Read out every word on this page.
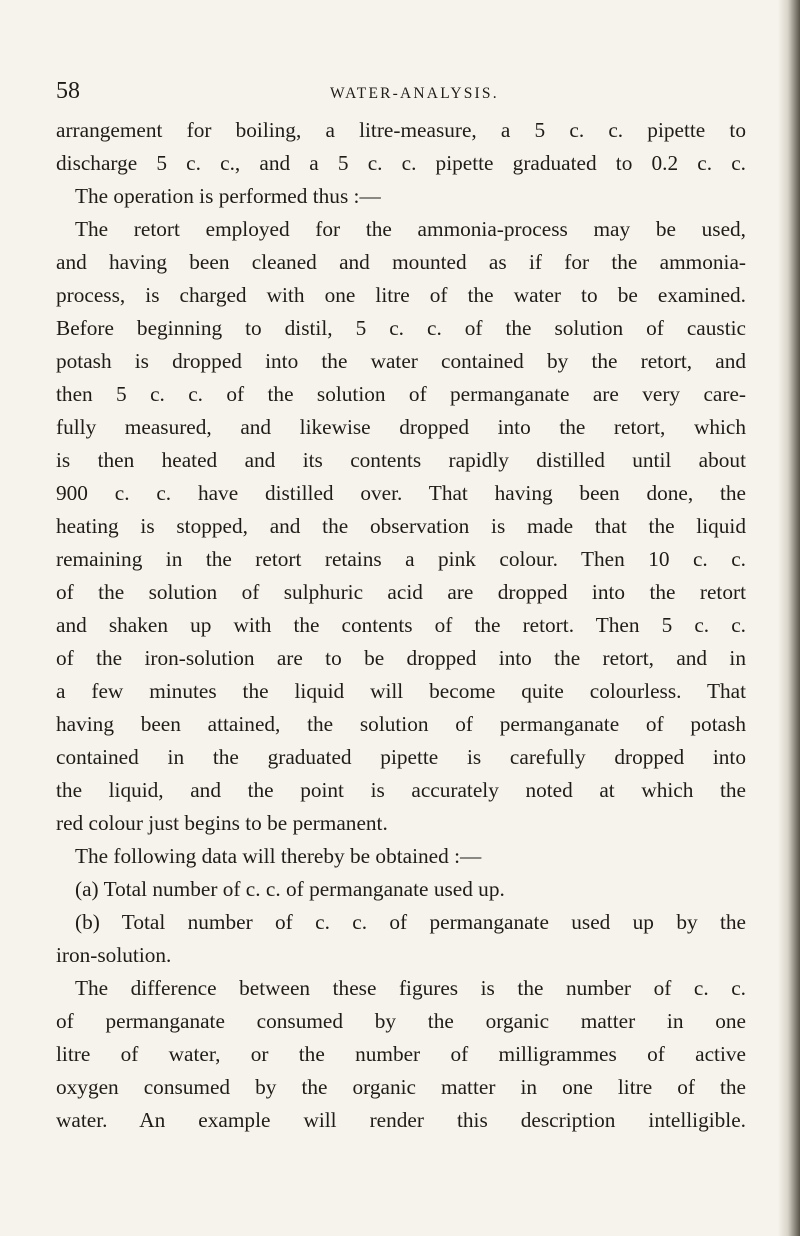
58	WATER-ANALYSIS.
arrangement for boiling, a litre-measure, a 5 c. c. pipette to
discharge 5 c. c., and a 5 c. c. pipette graduated to 0.2 c. c.
The operation is performed thus :—
The retort employed for the ammonia-process may be used,
and having been cleaned and mounted as if for the ammonia-
process, is charged with one litre of the water to be examined.
Before beginning to distil, 5 c. c. of the solution of caustic
potash is dropped into the water contained by the retort, and
then 5 c. c. of the solution of permanganate are very care-
fully measured, and likewise dropped into the retort, which
is then heated and its contents rapidly distilled until about
900 c. c. have distilled over. That having been done, the
heating is stopped, and the observation is made that the liquid
remaining in the retort retains a pink colour. Then 10 c. c.
of the solution of sulphuric acid are dropped into the retort
and shaken up with the contents of the retort. Then 5 c. c.
of the iron-solution are to be dropped into the retort, and in
a few minutes the liquid will become quite colourless. That
having been attained, the solution of permanganate of potash
contained in the graduated pipette is carefully dropped into
the liquid, and the point is accurately noted at which the
red colour just begins to be permanent.
The following data will thereby be obtained :—
(a) Total number of c. c. of permanganate used up.
(b) Total number of c. c. of permanganate used up by the
iron-solution.
The difference between these figures is the number of c. c.
of permanganate consumed by the organic matter in one
litre of water, or the number of milligrammes of active
oxygen consumed by the organic matter in one litre of the
water. An example will render this description intelligible.
